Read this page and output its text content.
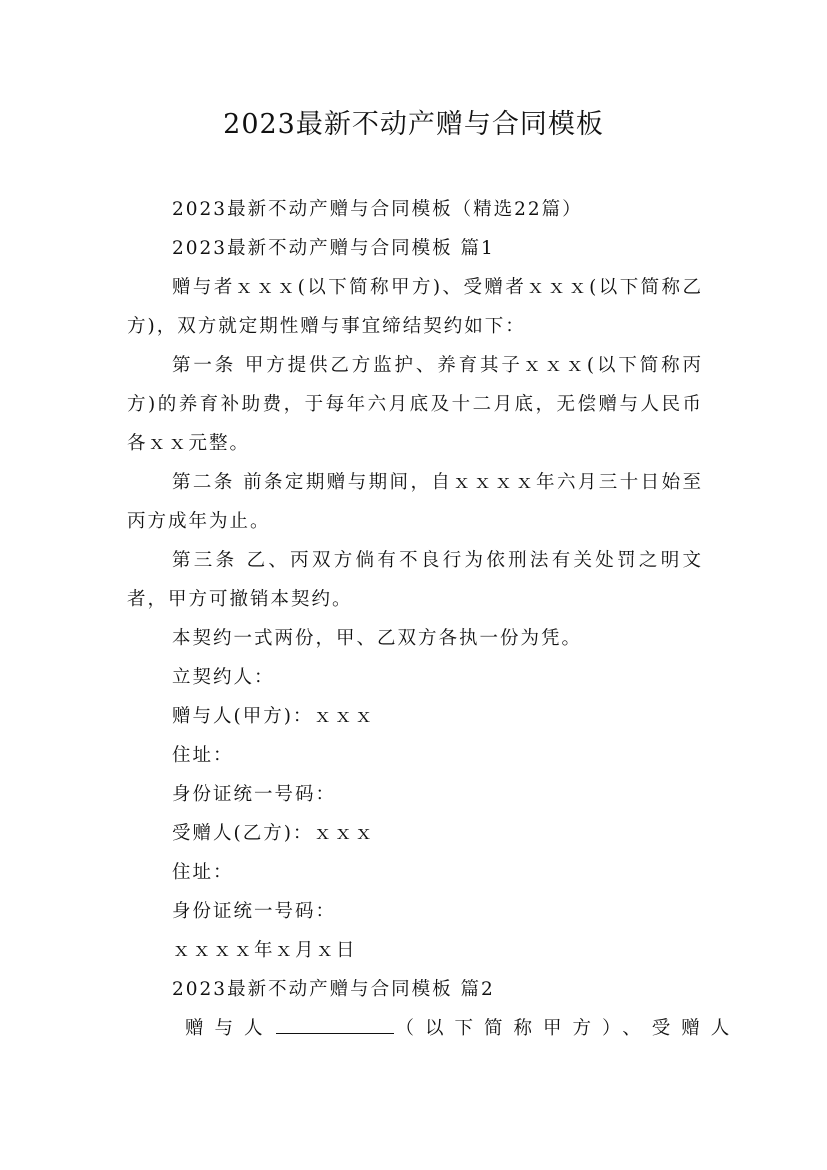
2023最新不动产赠与合同模板

2023最新不动产赠与合同模板（精选22篇）

2023最新不动产赠与合同模板 篇1

赠与者ｘｘｘ(以下简称甲方)、受赠者ｘｘｘ(以下简称乙方)，双方就定期性赠与事宜缔结契约如下：

第一条 甲方提供乙方监护、养育其子ｘｘｘ(以下简称丙方)的养育补助费，于每年六月底及十二月底，无偿赠与人民币各ｘｘ元整。

第二条 前条定期赠与期间，自ｘｘｘｘ年六月三十日始至丙方成年为止。

第三条 乙、丙双方倘有不良行为依刑法有关处罚之明文者，甲方可撤销本契约。

本契约一式两份，甲、乙双方各执一份为凭。

立契约人：

赠与人(甲方)：ｘｘｘ

住址：

身份证统一号码：

受赠人(乙方)：ｘｘｘ

住址：

身份证统一号码：

ｘｘｘｘ年ｘ月ｘ日

2023最新不动产赠与合同模板 篇2

赠与人	（以下简称甲方）、受赠人
